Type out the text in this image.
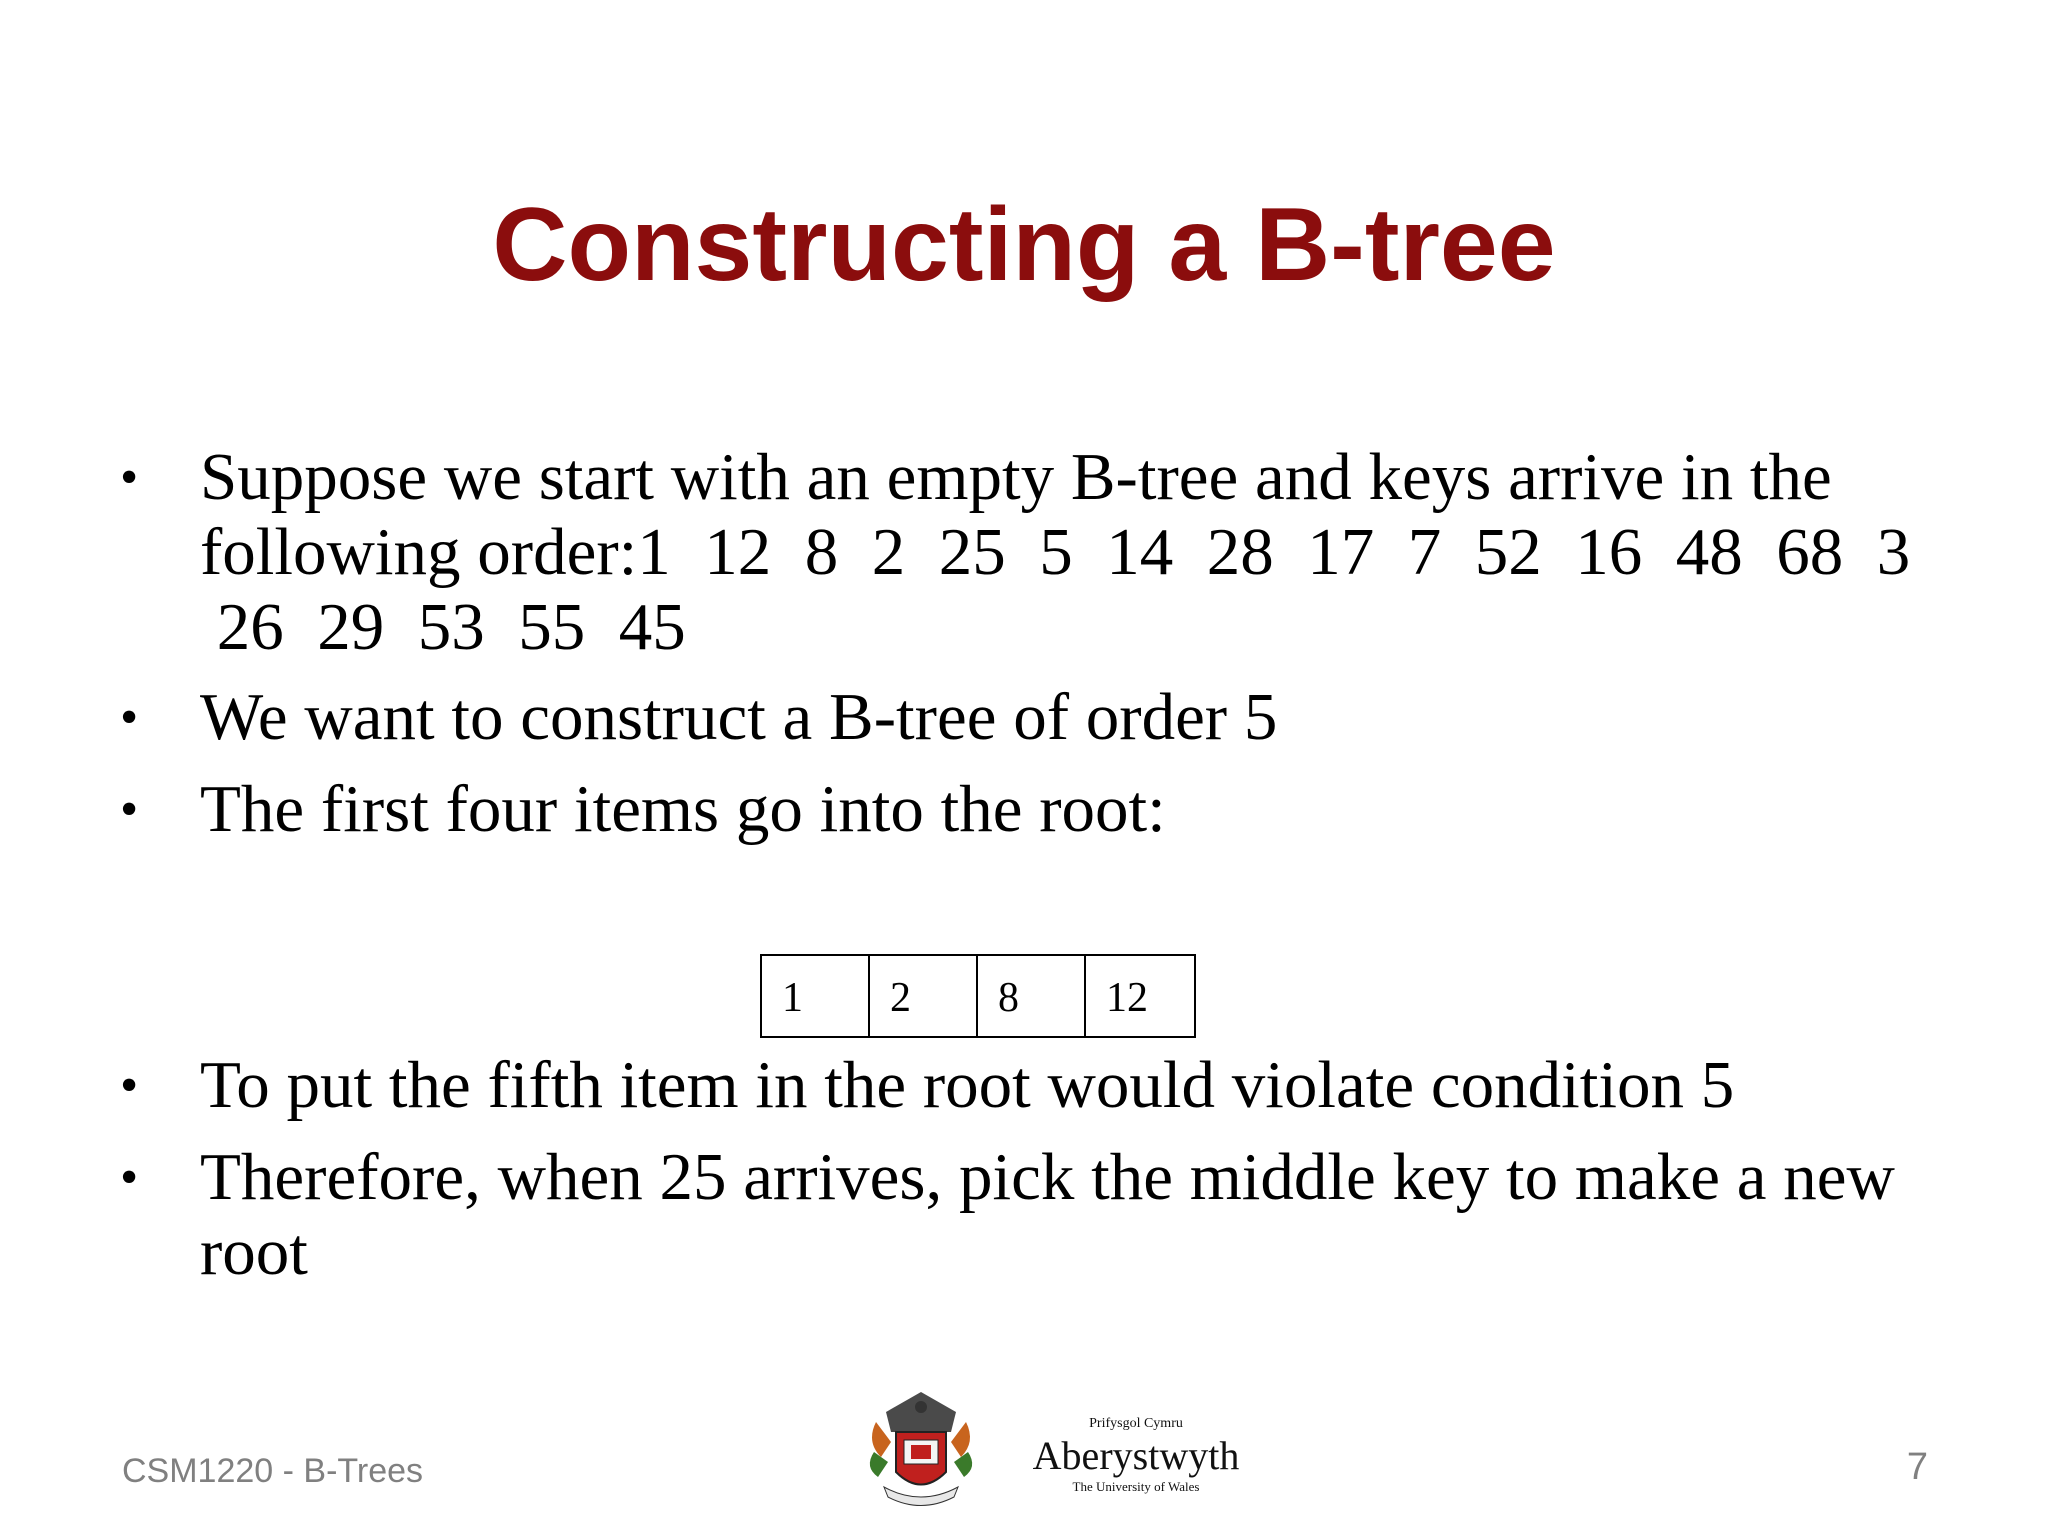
Constructing a B-tree
• Suppose we start with an empty B-tree and keys arrive in the
following order:1  12  8  2  25  5  14  28  17  7  52  16  48  68  3
26  29  53  55  45
• We want to construct a B-tree of order 5
• The first four items go into the root:
• To put the fifth item in the root would violate condition 5
• Therefore, when 25 arrives, pick the middle key to make a new
root
1	2	8	12
CSM1220 - B-Trees
Prifysgol Cymru
Aberystwyth
The University of Wales	7
